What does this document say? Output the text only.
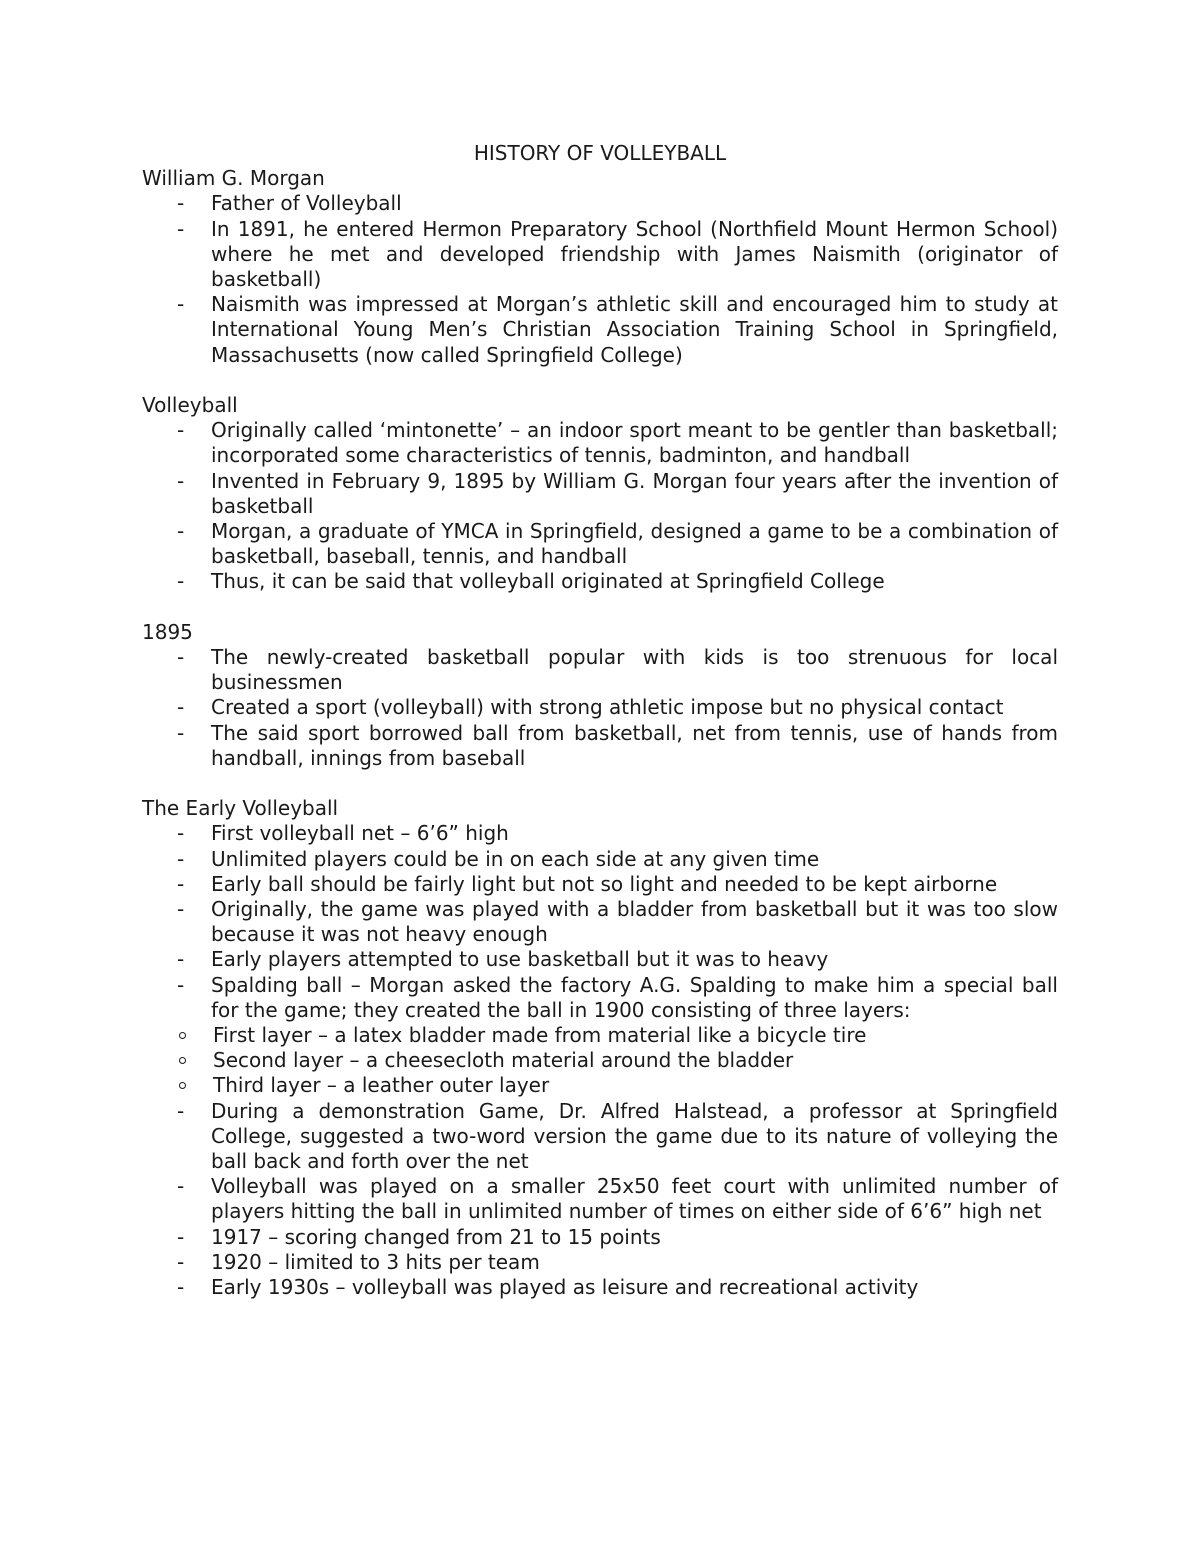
HISTORY OF VOLLEYBALL

William G. Morgan

- Father of Volleyball
- In 1891, he entered Hermon Preparatory School (Northfield Mount Hermon School) where he met and developed friendship with James Naismith (originator of basketball)
- Naismith was impressed at Morgan’s athletic skill and encouraged him to study at International Young Men’s Christian Association Training School in Springfield, Massachusetts (now called Springfield College)

Volleyball

- Originally called ‘mintonette’ – an indoor sport meant to be gentler than basketball; incorporated some characteristics of tennis, badminton, and handball
- Invented in February 9, 1895 by William G. Morgan four years after the invention of basketball
- Morgan, a graduate of YMCA in Springfield, designed a game to be a combination of basketball, baseball, tennis, and handball
- Thus, it can be said that volleyball originated at Springfield College

1895

- The newly-created basketball popular with kids is too strenuous for local businessmen
- Created a sport (volleyball) with strong athletic impose but no physical contact
- The said sport borrowed ball from basketball, net from tennis, use of hands from handball, innings from baseball

The Early Volleyball

- First volleyball net – 6’6” high
- Unlimited players could be in on each side at any given time
- Early ball should be fairly light but not so light and needed to be kept airborne
- Originally, the game was played with a bladder from basketball but it was too slow because it was not heavy enough
- Early players attempted to use basketball but it was to heavy
- Spalding ball – Morgan asked the factory A.G. Spalding to make him a special ball for the game; they created the ball in 1900 consisting of three layers:
First layer – a latex bladder made from material like a bicycle tire
Second layer – a cheesecloth material around the bladder
Third layer – a leather outer layer
- During a demonstration Game, Dr. Alfred Halstead, a professor at Springfield College, suggested a two-word version the game due to its nature of volleying the ball back and forth over the net
- Volleyball was played on a smaller 25x50 feet court with unlimited number of players hitting the ball in unlimited number of times on either side of 6’6” high net
- 1917 – scoring changed from 21 to 15 points
- 1920 – limited to 3 hits per team
- Early 1930s – volleyball was played as leisure and recreational activity
